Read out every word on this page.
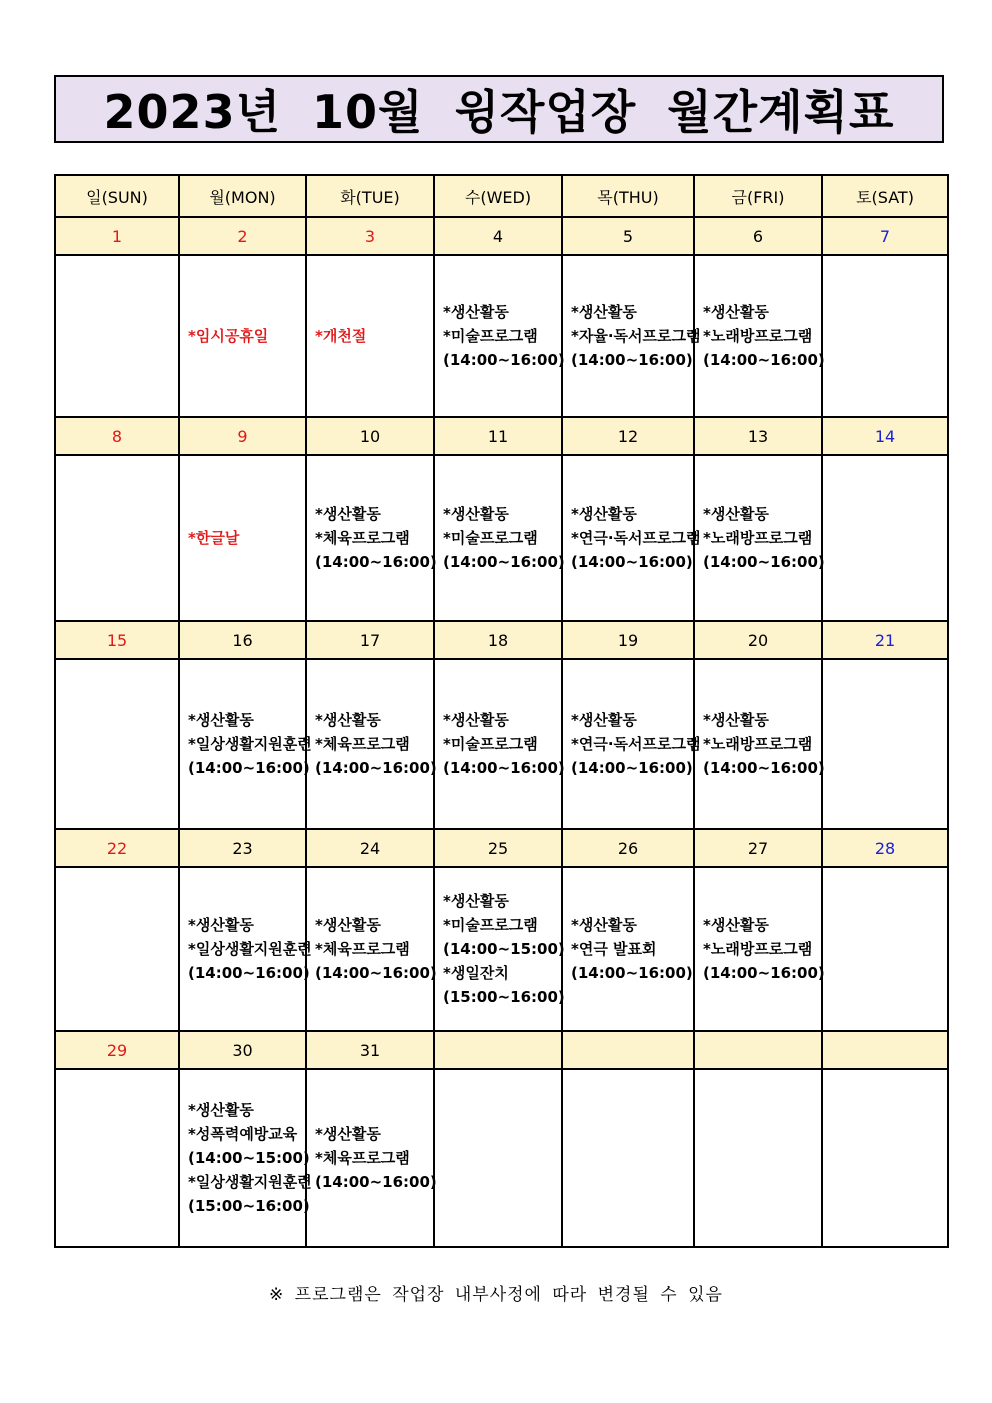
2023년 10월 윙작업장 월간계획표
일(SUN)	월(MON)	화(TUE)	수(WED)	목(THU)	금(FRI)	토(SAT)
1	2	3	4	5	6	7

	*임시공휴일	*개천절	*생산활동
*미술프로그램
(14:00~16:00)	*생산활동
*자율·독서프로그램
(14:00~16:00)	*생산활동
*노래방프로그램
(14:00~16:00)	

8	9	10	11	12	13	14

	*한글날	*생산활동
*체육프로그램
(14:00~16:00)	*생산활동
*미술프로그램
(14:00~16:00)	*생산활동
*연극·독서프로그램
(14:00~16:00)	*생산활동
*노래방프로그램
(14:00~16:00)	

15	16	17	18	19	20	21

	*생산활동
*일상생활지원훈련
(14:00~16:00)	*생산활동
*체육프로그램
(14:00~16:00)	*생산활동
*미술프로그램
(14:00~16:00)	*생산활동
*연극·독서프로그램
(14:00~16:00)	*생산활동
*노래방프로그램
(14:00~16:00)	

22	23	24	25	26	27	28

	*생산활동
*일상생활지원훈련
(14:00~16:00)	*생산활동
*체육프로그램
(14:00~16:00)	*생산활동
*미술프로그램
(14:00~15:00)
*생일잔치
(15:00~16:00)	*생산활동
*연극 발표회
(14:00~16:00)	*생산활동
*노래방프로그램
(14:00~16:00)	

29	30	31				

	*생산활동
*성폭력예방교육
(14:00~15:00)
*일상생활지원훈련
(15:00~16:00)	*생산활동
*체육프로그램
(14:00~16:00)				

※ 프로그램은 작업장 내부사정에 따라 변경될 수 있음
